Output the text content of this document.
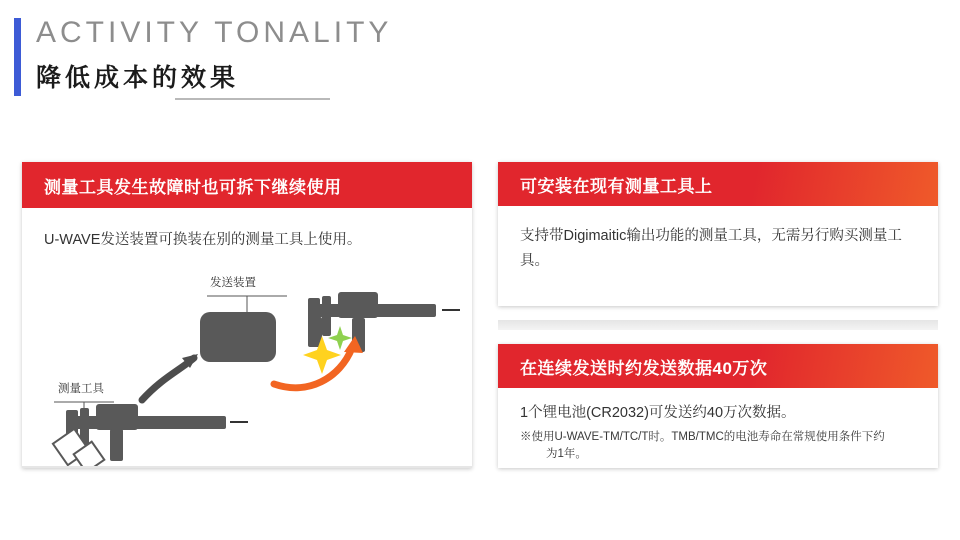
ACTIVITY TONALITY
降低成本的效果
测量工具发生故障时也可拆下继续使用
U-WAVE发送装置可换装在别的测量工具上使用。
发送装置
测量工具
可安装在现有测量工具上
支持带Digimaitic输出功能的测量工具，无需另行购买测量工具。
在连续发送时约发送数据40万次
1个锂电池(CR2032)可发送约40万次数据。
※使用U-WAVE-TM/TC/T时。TMB/TMC的电池寿命在常规使用条件下约
为1年。
